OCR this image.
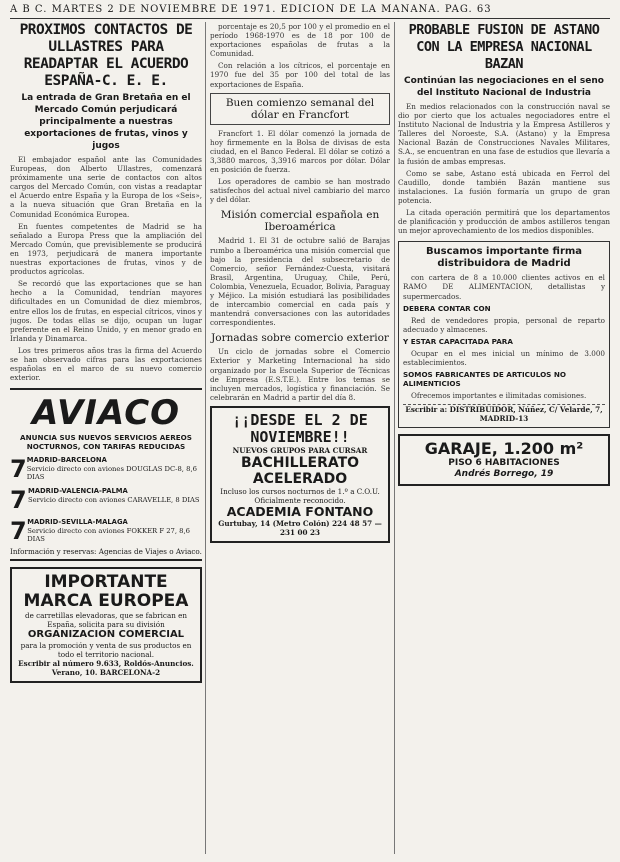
A B C. MARTES 2 DE NOVIEMBRE DE 1971. EDICION DE LA MAÑANA. PAG. 63
PROXIMOS CONTACTOS DE ULLASTRES PARA READAPTAR EL ACUERDO ESPAÑA-C. E. E.
La entrada de Gran Bretaña en el Mercado Común perjudicará principalmente a nuestras exportaciones de frutas, vinos y jugos

El embajador español ante las Comunidades Europeas, don Alberto Ullastres, comenzará próximamente una serie de contactos con altos cargos del Mercado Común, con vistas a readaptar el Acuerdo entre España y la Europa de los «Seis», a la nueva situación que Gran Bretaña en la Comunidad Económica Europea.

En fuentes competentes de Madrid se ha señalado a Europa Press que la ampliación del Mercado Común, que previsiblemente se producirá en 1973, perjudicará de manera importante nuestras exportaciones de frutas, vinos y de productos agrícolas.

Se recordó que las exportaciones que se han hecho a la Comunidad, tendrían mayores dificultades en un Comunidad de diez miembros, entre ellos los de frutas, en especial cítricos, vinos y jugos. De todas ellas se dijo, ocupan un lugar preferente en el Reino Unido, y en menor grado en Irlanda y Dinamarca.

Los tres primeros años tras la firma del Acuerdo se han observado cifras para las exportaciones españolas en el marco de su nuevo comercio exterior.

AVIACO
ANUNCIA SUS NUEVOS SERVICIOS AEREOS NOCTURNOS, CON TARIFAS REDUCIDAS
7 MADRID-BARCELONA
Servicio directo con aviones DOUGLAS DC-8, 8,6 DIAS
7 MADRID-VALENCIA-PALMA
Servicio directo con aviones CARAVELLE, 8 DIAS
7 MADRID-SEVILLA-MALAGA
Servicio directo con aviones FOKKER F 27, 8,6 DIAS
Información y reservas: Agencias de Viajes o Aviaco.
IMPORTANTE MARCA EUROPEA
de carretillas elevadoras, que se fabrican en España, solicita para su división
ORGANIZACION COMERCIAL
para la promoción y venta de sus productos en todo el territorio nacional.
Escribir al número 9.633, Roldós-Anuncios. Verano, 10. BARCELONA-2

porcentaje es 20,5 por 100 y el promedio en el período 1968-1970 es de 18 por 100 de exportaciones españolas de frutas a la Comunidad.

Con relación a los cítricos, el porcentaje en 1970 fue del 35 por 100 del total de las exportaciones de España.

Buen comienzo semanal del dólar en Francfort

Francfort 1. El dólar comenzó la jornada de hoy firmemente en la Bolsa de divisas de esta ciudad, en el Banco Federal. El dólar se cotizó a 3,3880 marcos, 3,3916 marcos por dólar. Dólar en posición de fuerza.

Los operadores de cambio se han mostrado satisfechos del actual nivel cambiario del marco y del dólar.

Misión comercial española en Iberoamérica

Madrid 1. El 31 de octubre salió de Barajas rumbo a Iberoamérica una misión comercial que bajo la presidencia del subsecretario de Comercio, señor Fernández-Cuesta, visitará Brasil, Argentina, Uruguay, Chile, Perú, Colombia, Venezuela, Ecuador, Bolivia, Paraguay y Méjico. La misión estudiará las posibilidades de intercambio comercial en cada país y mantendrá conversaciones con las autoridades correspondientes.

Jornadas sobre comercio exterior

Un ciclo de jornadas sobre el Comercio Exterior y Marketing Internacional ha sido organizado por la Escuela Superior de Técnicas de Empresa (E.S.T.E.). Entre los temas se incluyen mercados, logística y financiación. Se celebrarán en Madrid a partir del día 8.

¡¡DESDE EL 2 DE NOVIEMBRE!!
NUEVOS GRUPOS PARA CURSAR
BACHILLERATO ACELERADO
Incluso los cursos nocturnos de 1.º a C.O.U.
Oficialmente reconocido.
ACADEMIA FONTANO
Gurtubay, 14 (Metro Colón) 224 48 57 — 231 00 23
PROBABLE FUSION DE ASTANO CON LA EMPRESA NACIONAL BAZAN
Continúan las negociaciones en el seno del Instituto Nacional de Industria

En medios relacionados con la construcción naval se dio por cierto que los actuales negociadores entre el Instituto Nacional de Industria y la Empresa Astilleros y Talleres del Noroeste, S.A. (Astano) y la Empresa Nacional Bazán de Construcciones Navales Militares, S.A., se encuentran en una fase de estudios que llevaría a la fusión de ambas empresas.

Como se sabe, Astano está ubicada en Ferrol del Caudillo, donde también Bazán mantiene sus instalaciones. La fusión formaría un grupo de gran potencia.

La citada operación permitirá que los departamentos de planificación y producción de ambos astilleros tengan un mejor aprovechamiento de los medios disponibles.

Buscamos importante firma distribuidora de Madrid

con cartera de 8 a 10.000 clientes activos en el RAMO DE ALIMENTACION, detallistas y supermercados.

DEBERA CONTAR CON

Red de vendedores propia, personal de reparto adecuado y almacenes.

Y ESTAR CAPACITADA PARA

Ocupar en el mes inicial un mínimo de 3.000 establecimientos.

SOMOS FABRICANTES DE ARTICULOS NO ALIMENTICIOS

Ofrecemos importantes e ilimitadas comisiones.

Escribir a: DISTRIBUIDOR, Núñez, C/ Velarde, 7, MADRID-13
GARAJE, 1.200 m²
PISO 6 HABITACIONES
Andrés Borrego, 19
